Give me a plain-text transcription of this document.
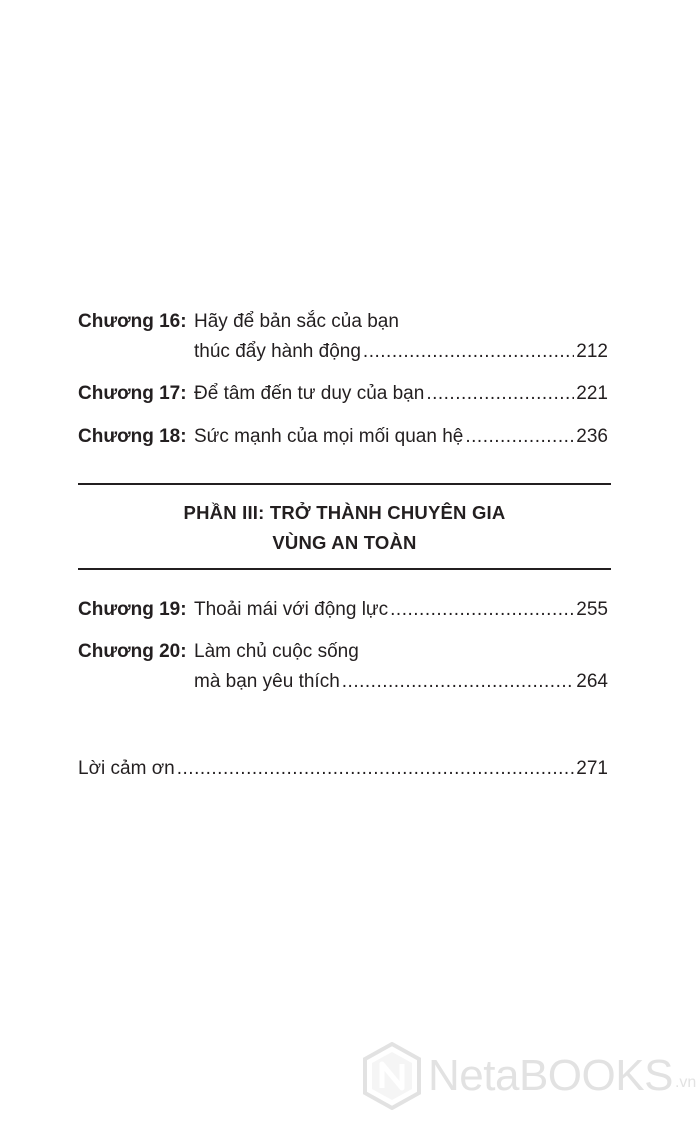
Chương 16: Hãy để bản sắc của bạn
thúc đẩy hành động .....	212
Chương 17: Để tâm đến tư duy của bạn .....	221
Chương 18: Sức mạnh của mọi mối quan hệ .....	236
PHẦN III: TRỞ THÀNH CHUYÊN GIA
VÙNG AN TOÀN
Chương 19: Thoải mái với động lực .....	255
Chương 20: Làm chủ cuộc sống
mà bạn yêu thích .....	264
Lời cảm ơn .....	271
NetaBOOKS .vn
